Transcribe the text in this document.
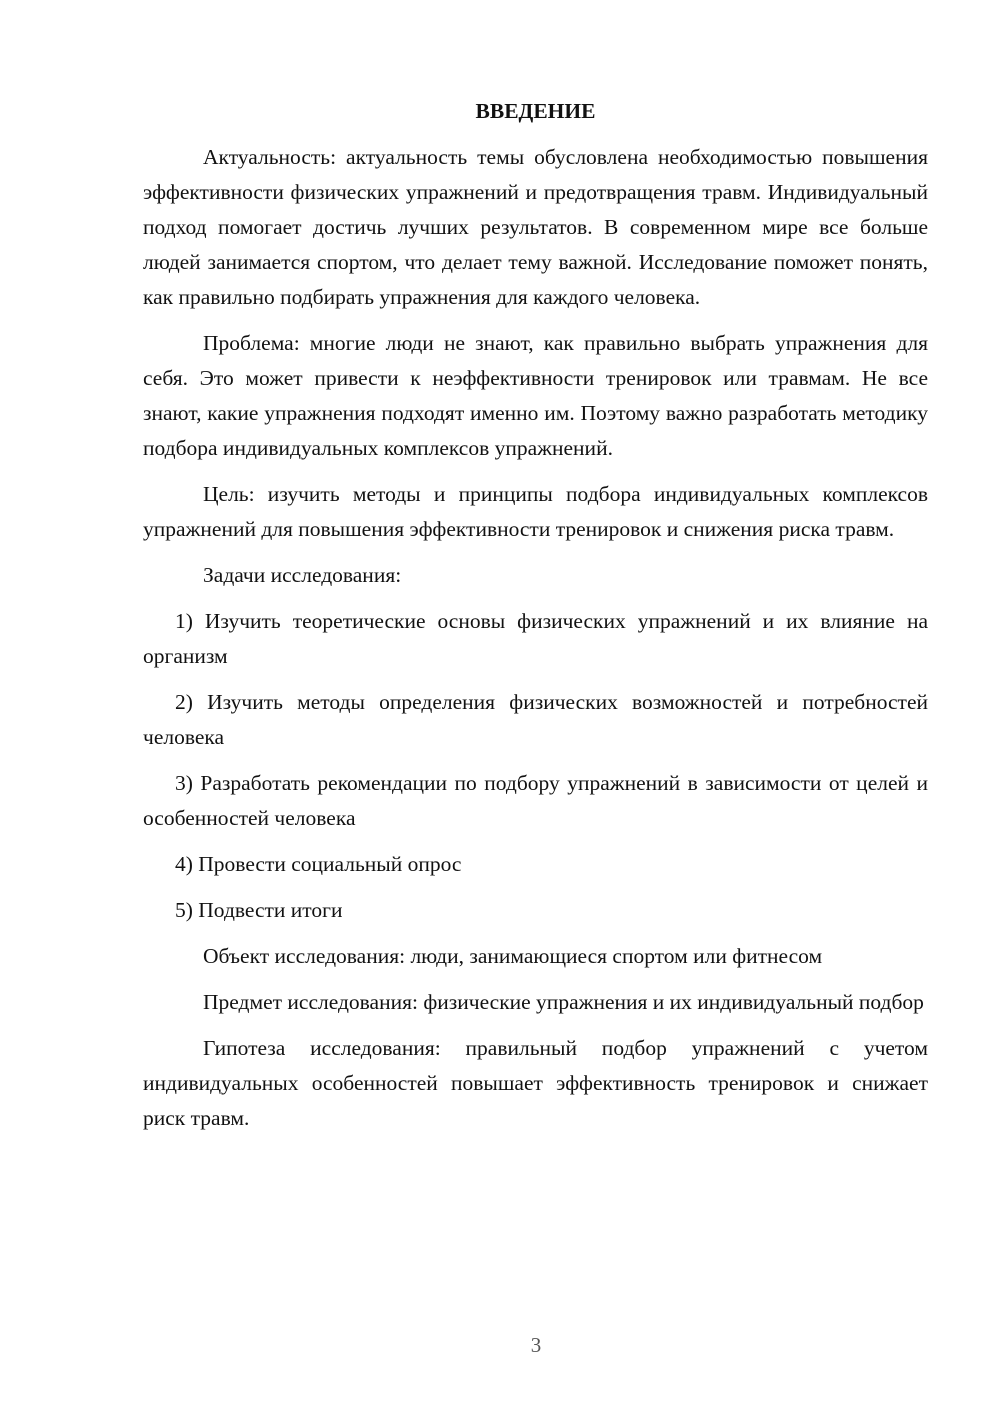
ВВЕДЕНИЕ

Актуальность: актуальность темы обусловлена необходимостью повышения эффективности физических упражнений и предотвращения травм. Индивидуальный подход помогает достичь лучших результатов. В современном мире все больше людей занимается спортом, что делает тему важной. Исследование поможет понять, как правильно подбирать упражнения для каждого человека.

Проблема: многие люди не знают, как правильно выбрать упражнения для себя. Это может привести к неэффективности тренировок или травмам. Не все знают, какие упражнения подходят именно им. Поэтому важно разработать методику подбора индивидуальных комплексов упражнений.

Цель: изучить методы и принципы подбора индивидуальных комплексов упражнений для повышения эффективности тренировок и снижения риска травм.

Задачи исследования:

1) Изучить теоретические основы физических упражнений и их влияние на организм

2) Изучить методы определения физических возможностей и потребностей человека

3) Разработать рекомендации по подбору упражнений в зависимости от целей и особенностей человека

4) Провести социальный опрос

5) Подвести итоги

Объект исследования: люди, занимающиеся спортом или фитнесом

Предмет исследования: физические упражнения и их индивидуальный подбор

Гипотеза исследования: правильный подбор упражнений с учетом индивидуальных особенностей повышает эффективность тренировок и снижает риск травм.

3
